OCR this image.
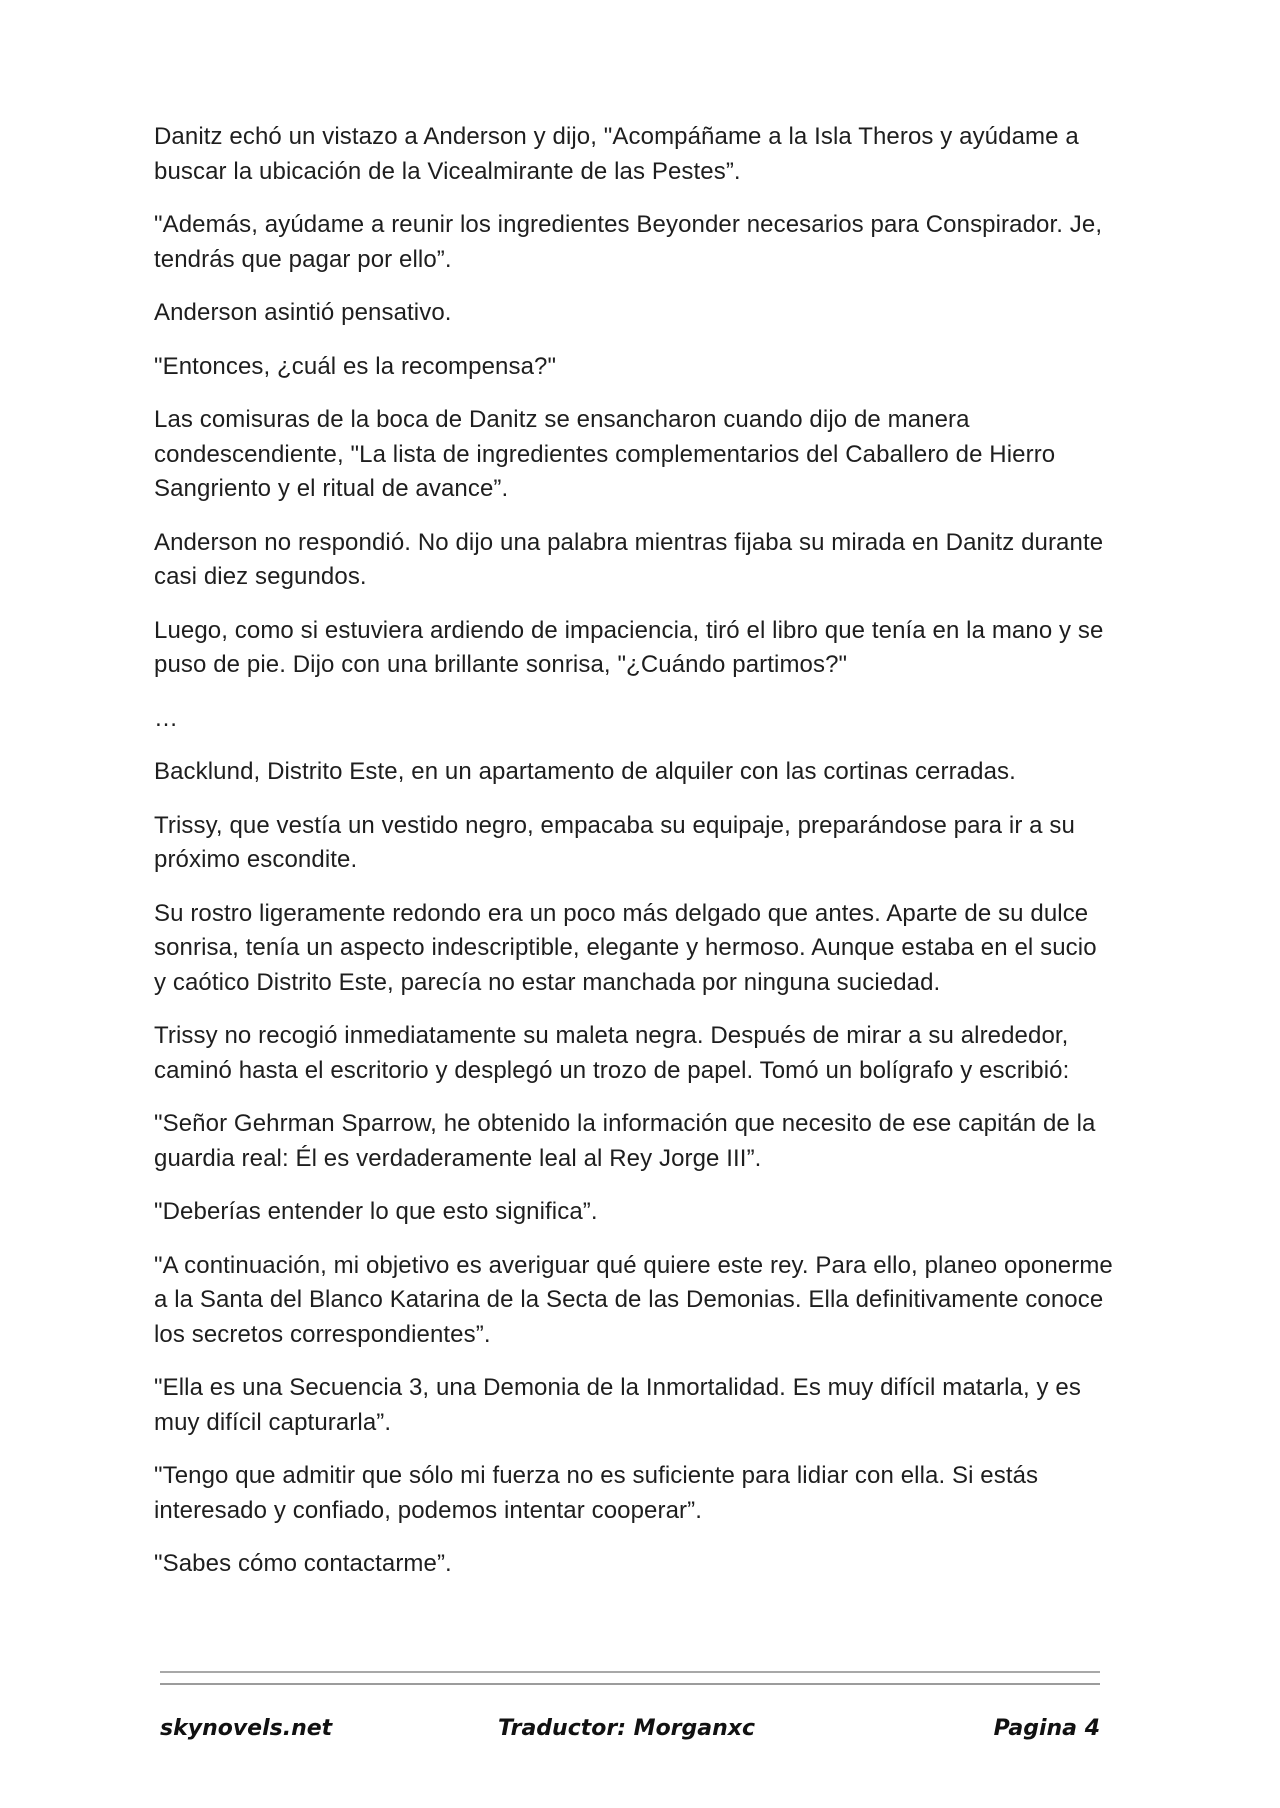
Danitz echó un vistazo a Anderson y dijo, "Acompáñame a la Isla Theros y ayúdame a buscar la ubicación de la Vicealmirante de las Pestes”.

"Además, ayúdame a reunir los ingredientes Beyonder necesarios para Conspirador. Je, tendrás que pagar por ello”.

Anderson asintió pensativo.

"Entonces, ¿cuál es la recompensa?"

Las comisuras de la boca de Danitz se ensancharon cuando dijo de manera condescendiente, "La lista de ingredientes complementarios del Caballero de Hierro Sangriento y el ritual de avance”.

Anderson no respondió. No dijo una palabra mientras fijaba su mirada en Danitz durante casi diez segundos.

Luego, como si estuviera ardiendo de impaciencia, tiró el libro que tenía en la mano y se puso de pie. Dijo con una brillante sonrisa, "¿Cuándo partimos?"

…

Backlund, Distrito Este, en un apartamento de alquiler con las cortinas cerradas.

Trissy, que vestía un vestido negro, empacaba su equipaje, preparándose para ir a su próximo escondite.

Su rostro ligeramente redondo era un poco más delgado que antes. Aparte de su dulce sonrisa, tenía un aspecto indescriptible, elegante y hermoso. Aunque estaba en el sucio y caótico Distrito Este, parecía no estar manchada por ninguna suciedad.

Trissy no recogió inmediatamente su maleta negra. Después de mirar a su alrededor, caminó hasta el escritorio y desplegó un trozo de papel. Tomó un bolígrafo y escribió:

"Señor Gehrman Sparrow, he obtenido la información que necesito de ese capitán de la guardia real: Él es verdaderamente leal al Rey Jorge III”.

"Deberías entender lo que esto significa”.

"A continuación, mi objetivo es averiguar qué quiere este rey. Para ello, planeo oponerme a la Santa del Blanco Katarina de la Secta de las Demonias. Ella definitivamente conoce los secretos correspondientes”.

"Ella es una Secuencia 3, una Demonia de la Inmortalidad. Es muy difícil matarla, y es muy difícil capturarla”.

"Tengo que admitir que sólo mi fuerza no es suficiente para lidiar con ella. Si estás interesado y confiado, podemos intentar cooperar”.

"Sabes cómo contactarme”.

skynovels.net	Traductor: Morganxc	Pagina 4
